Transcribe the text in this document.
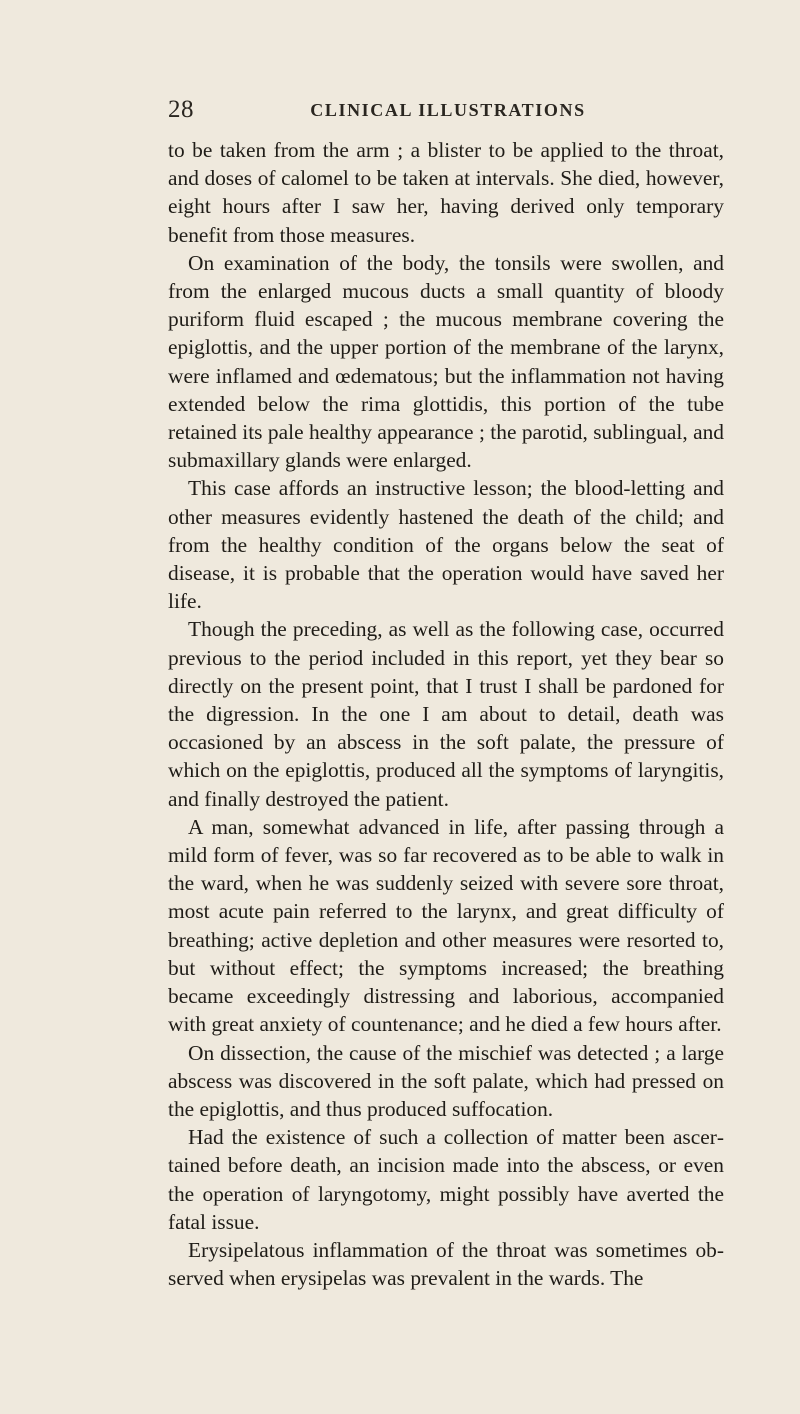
28	CLINICAL ILLUSTRATIONS

to be taken from the arm ; a blister to be applied to the throat, and doses of calomel to be taken at intervals. She died, however, eight hours after I saw her, having derived only temporary benefit from those measures.

On examination of the body, the tonsils were swollen, and from the enlarged mucous ducts a small quantity of bloody puriform fluid escaped ; the mucous membrane covering the epiglottis, and the upper portion of the membrane of the larynx, were inflamed and œdematous; but the inflammation not having extended below the rima glottidis, this portion of the tube retained its pale healthy appearance ; the parotid, sublingual, and submaxillary glands were enlarged.

This case affords an instructive lesson; the blood-letting and other measures evidently hastened the death of the child; and from the healthy condition of the organs below the seat of disease, it is probable that the operation would have saved her life.

Though the preceding, as well as the following case, occurred previous to the period included in this report, yet they bear so directly on the present point, that I trust I shall be pardoned for the digression. In the one I am about to detail, death was occasioned by an abscess in the soft palate, the pressure of which on the epiglottis, produced all the symptoms of laryngitis, and finally destroyed the patient.

A man, somewhat advanced in life, after passing through a mild form of fever, was so far recovered as to be able to walk in the ward, when he was suddenly seized with severe sore throat, most acute pain referred to the larynx, and great difficulty of breathing; active depletion and other measures were resorted to, but without effect; the symptoms increased; the breathing became exceedingly distressing and laborious, accompanied with great anxiety of countenance; and he died a few hours after.

On dissection, the cause of the mischief was detected ; a large abscess was discovered in the soft palate, which had pressed on the epiglottis, and thus produced suffocation.

Had the existence of such a collection of matter been ascertained before death, an incision made into the abscess, or even the operation of laryngotomy, might possibly have averted the fatal issue.

Erysipelatous inflammation of the throat was sometimes observed when erysipelas was prevalent in the wards. The
